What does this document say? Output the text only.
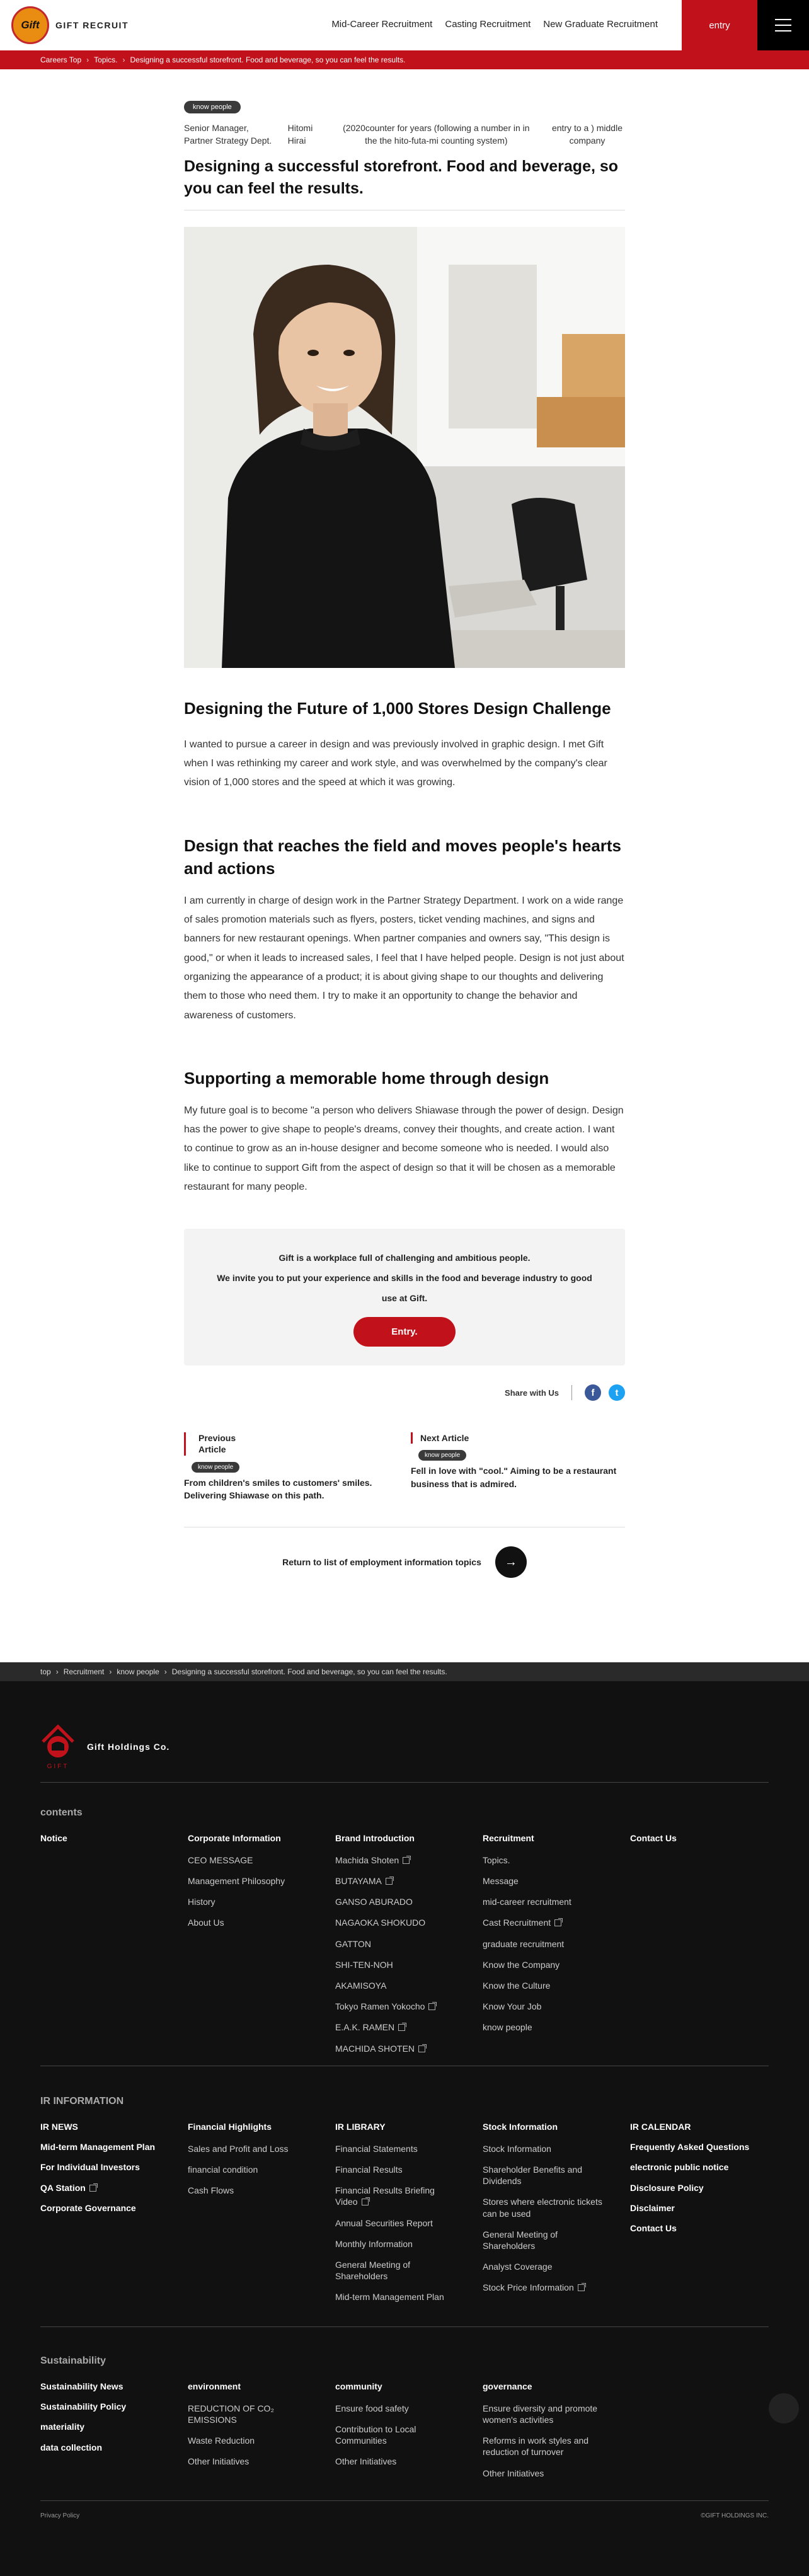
Gift	GIFT RECRUIT	Mid-Career Recruitment Casting Recruitment New Graduate Recruitment	entry
Careers Top › Topics. › Designing a successful storefront. Food and beverage, so you can feel the results.
know people
Senior Manager, Partner Strategy Dept.
Hitomi Hirai
(2020counter for years (following a number in in the the hito-futa-mi counting system)
entry to a ) middle company
Designing a successful storefront. Food and beverage, so you can feel the results.
Designing the Future of 1,000 Stores Design Challenge

I wanted to pursue a career in design and was previously involved in graphic design. I met Gift when I was rethinking my career and work style, and was overwhelmed by the company's clear vision of 1,000 stores and the speed at which it was growing.

Design that reaches the field and moves people's hearts and actions

I am currently in charge of design work in the Partner Strategy Department. I work on a wide range of sales promotion materials such as flyers, posters, ticket vending machines, and signs and banners for new restaurant openings. When partner companies and owners say, "This design is good," or when it leads to increased sales, I feel that I have helped people. Design is not just about organizing the appearance of a product; it is about giving shape to our thoughts and delivering them to those who need them. I try to make it an opportunity to change the behavior and awareness of customers.

Supporting a memorable home through design

My future goal is to become "a person who delivers Shiawase through the power of design. Design has the power to give shape to people's dreams, convey their thoughts, and create action. I want to continue to grow as an in-house designer and become someone who is needed. I would also like to continue to support Gift from the aspect of design so that it will be chosen as a memorable restaurant for many people.

Gift is a workplace full of challenging and ambitious people.

We invite you to put your experience and skills in the food and beverage industry to good use at Gift.

Entry.
Share with Us	f	t
Previous Article
know people
From children's smiles to customers' smiles. Delivering Shiawase on this path.
Next Article
know people
Fell in love with "cool." Aiming to be a restaurant business that is admired.
Return to list of employment information topics	→
top › Recruitment › know people › Designing a successful storefront. Food and beverage, so you can feel the results.
GIFT
Gift Holdings Co.
contents
Notice	Corporate Information
CEO MESSAGE
Management Philosophy
History
About Us
Brand Introduction
Machida Shoten
BUTAYAMA
GANSO ABURADO
NAGAOKA SHOKUDO
GATTON
SHI-TEN-NOH
AKAMISOYA
Tokyo Ramen Yokocho
E.A.K. RAMEN
MACHIDA SHOTEN
Recruitment
Topics.
Message
mid-career recruitment
Cast Recruitment
graduate recruitment
Know the Company
Know the Culture
Know Your Job
know people
Contact Us
IR INFORMATION
IR NEWS
Mid-term Management Plan
For Individual Investors
QA Station
Corporate Governance
Financial Highlights
Sales and Profit and Loss
financial condition
Cash Flows
IR LIBRARY
Financial Statements
Financial Results
Financial Results Briefing Video
Annual Securities Report
Monthly Information
General Meeting of Shareholders
Mid-term Management Plan
Stock Information
Stock Information
Shareholder Benefits and Dividends
Stores where electronic tickets can be used
General Meeting of Shareholders
Analyst Coverage
Stock Price Information
IR CALENDAR
Frequently Asked Questions
electronic public notice
Disclosure Policy
Disclaimer
Contact Us
Sustainability
Sustainability News
Sustainability Policy
materiality
data collection
environment
REDUCTION OF CO₂ EMISSIONS
Waste Reduction
Other Initiatives
community
Ensure food safety
Contribution to Local Communities
Other Initiatives
governance
Ensure diversity and promote women's activities
Reforms in work styles and reduction of turnover
Other Initiatives
Privacy Policy	©GIFT HOLDINGS INC.
